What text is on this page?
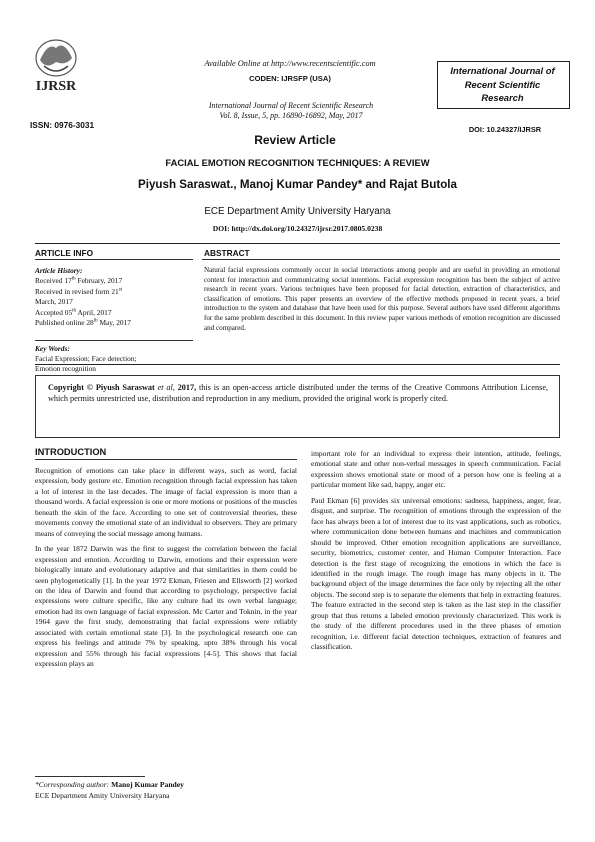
IJRSR
ISSN: 0976-3031
Available Online at http://www.recentscientific.com
CODEN: IJRSFP (USA)
International Journal of Recent Scientific Research
Vol. 8, Issue, 5, pp. 16890-16892, May, 2017
International Journal of
Recent Scientific
Research
DOI: 10.24327/IJRSR
Review Article
FACIAL EMOTION RECOGNITION TECHNIQUES: A REVIEW
Piyush Saraswat., Manoj Kumar Pandey* and Rajat Butola
ECE Department Amity University Haryana
DOI: http://dx.doi.org/10.24327/ijrsr.2017.0805.0238
ARTICLE INFO	ABSTRACT
Article History:
Received 17th February, 2017
Received in revised form 21st
March, 2017
Accepted 05th April, 2017
Published online 28th May, 2017
Key Words:
Facial Expression; Face detection;
Emotion recognition
Natural facial expressions commonly occur in social interactions among people and are useful in providing an emotional context for interaction and communicating social intentions. Facial expression recognition has been the subject of active research in recent years. Various techniques have been proposed for facial detection, extraction of characteristics, and classification of emotions. This paper presents an overview of the effective methods proposed in recent years, a brief introduction to the system and database that have been used for this purpose. Several authors have used different algorithms for the same problem described in this document. In this review paper various methods of emotion recognition are discussed and compared.
Copyright © Piyush Saraswat et al, 2017, this is an open-access article distributed under the terms of the Creative Commons Attribution License, which permits unrestricted use, distribution and reproduction in any medium, provided the original work is properly cited.
INTRODUCTION

Recognition of emotions can take place in different ways, such as word, facial expression, body gesture etc. Emotion recognition through facial expression has taken a lot of interest in the last decades. The image of facial expression is more than a thousand words. A facial expression is one or more motions or positions of the muscles beneath the skin of the face. According to one set of controversial theories, these movements convey the emotional state of an individual to observers. They are primary means of conveying the social message among humans.

In the year 1872 Darwin was the first to suggest the correlation between the facial expression and emotion. According to Darwin, emotions and their expression were biologically innate and evolutionary adaptive and that similarities in them could be seen phylogenetically [1]. In the year 1972 Ekman, Friesen and Ellsworth [2] worked on the idea of Darwin and found that according to psychology, perspective facial expressions were culture specific, like any culture had its own verbal language; emotion had its own language of facial expression. Mc Carter and Toknin, in the year 1964 gave the first study, demonstrating that facial expressions were reliably associated with certain emotional state [3]. In the psychological research one can express his feelings and attitude 7% by speaking, upto 38% through his vocal expression and 55% through his facial expressions [4-5]. This shows that facial expression plays an

important role for an individual to express their intention, attitude, feelings, emotional state and other non-verbal messages in speech communication. Facial expression shows emotional state or mood of a person how one is feeling at a particular moment like sad, happy, anger etc.

Paul Ekman [6] provides six universal emotions: sadness, happiness, anger, fear, disgust, and surprise. The recognition of emotions through the expression of the face has always been a lot of interest due to its vast applications, such as robotics, where communication done between humans and machines and communication should be improved. Other emotion recognition applications are surveillance, security, biometrics, customer center, and Human Computer Interaction. Face detection is the first stage of recognizing the emotions in which the face is identified in the rough image. The rough image has many objects in it. The background object of the image determines the face only by rejecting all the other objects. The second step is to separate the elements that help in extracting features. The feature extracted in the second step is taken as the last step in the classifier group that thus returns a labeled emotion previously characterized. This work is the study of the different procedures used in the three phases of emotion recognition, i.e. different facial detection techniques, extraction of features and classification.

*Corresponding author: Manoj Kumar Pandey
ECE Department Amity University Haryana
